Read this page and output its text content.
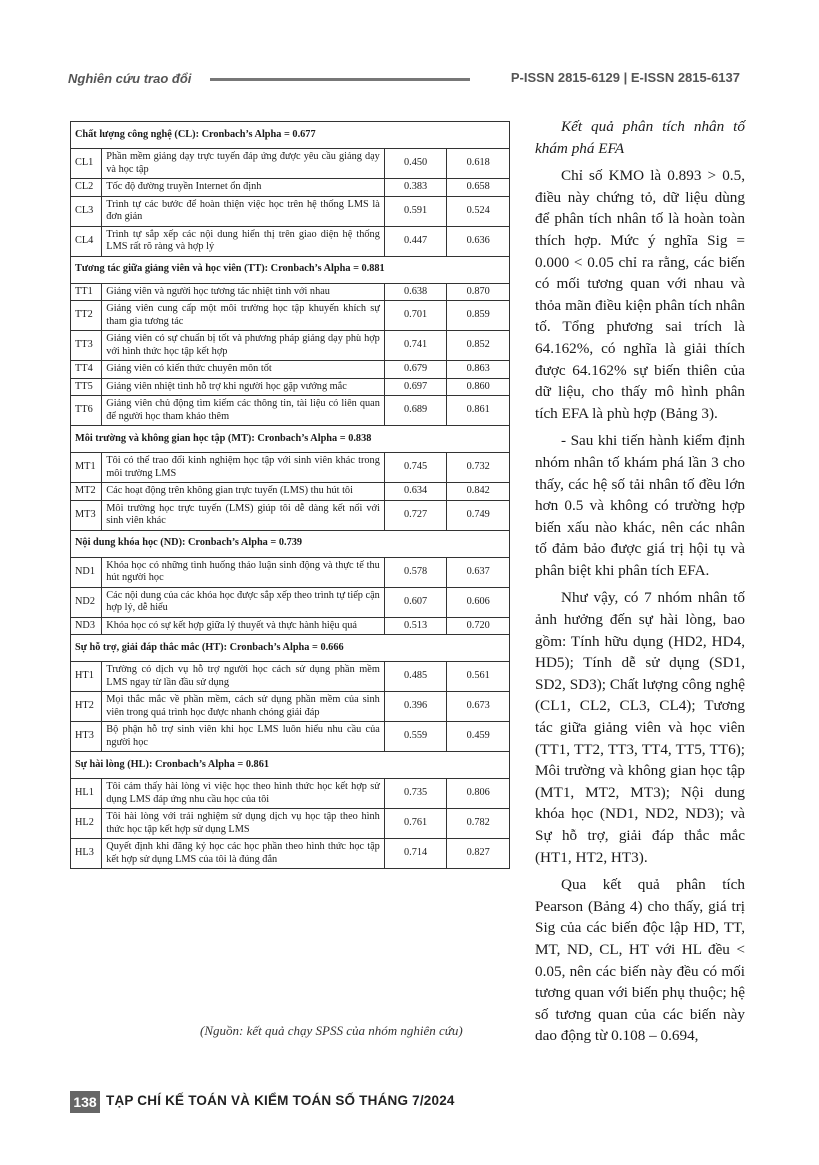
Nghiên cứu trao đổi	P-ISSN 2815-6129 | E-ISSN 2815-6137
Chất lượng công nghệ (CL): Cronbach’s Alpha = 0.677			
CL1	Phần mềm giảng dạy trực tuyến đáp ứng được yêu cầu giảng dạy và học tập	0.450	0.618
CL2	Tốc độ đường truyền Internet ổn định	0.383	0.658
CL3	Trình tự các bước để hoàn thiện việc học trên hệ thống LMS là đơn giản	0.591	0.524
CL4	Trình tự sắp xếp các nội dung hiển thị trên giao diện hệ thống LMS rất rõ ràng và hợp lý	0.447	0.636
Tương tác giữa giảng viên và học viên (TT): Cronbach’s Alpha = 0.881			
TT1	Giảng viên và người học tương tác nhiệt tình với nhau	0.638	0.870
TT2	Giảng viên cung cấp một môi trường học tập khuyến khích sự tham gia tương tác	0.701	0.859
TT3	Giảng viên có sự chuẩn bị tốt và phương pháp giảng dạy phù hợp với hình thức học tập kết hợp	0.741	0.852
TT4	Giảng viên có kiến thức chuyên môn tốt	0.679	0.863
TT5	Giảng viên nhiệt tình hỗ trợ khi người học gặp vướng mắc	0.697	0.860
TT6	Giảng viên chủ động tìm kiếm các thông tin, tài liệu có liên quan để người học tham khảo thêm	0.689	0.861
Môi trường và không gian học tập (MT): Cronbach’s Alpha = 0.838			
MT1	Tôi có thể trao đổi kinh nghiệm học tập với sinh viên khác trong môi trường LMS	0.745	0.732
MT2	Các hoạt động trên không gian trực tuyến (LMS) thu hút tôi	0.634	0.842
MT3	Môi trường học trực tuyến (LMS) giúp tôi dễ dàng kết nối với sinh viên khác	0.727	0.749
Nội dung khóa học (ND): Cronbach’s Alpha = 0.739			
ND1	Khóa học có những tình huống thảo luận sinh động và thực tế thu hút người học	0.578	0.637
ND2	Các nội dung của các khóa học được sắp xếp theo trình tự tiếp cận hợp lý, dễ hiểu	0.607	0.606
ND3	Khóa học có sự kết hợp giữa lý thuyết và thực hành hiệu quả	0.513	0.720
Sự hỗ trợ, giải đáp thắc mắc (HT): Cronbach’s Alpha = 0.666			
HT1	Trường có dịch vụ hỗ trợ người học cách sử dụng phần mềm LMS ngay từ lần đầu sử dụng	0.485	0.561
HT2	Mọi thắc mắc về phần mềm, cách sử dụng phần mềm của sinh viên trong quá trình học được nhanh chóng giải đáp	0.396	0.673
HT3	Bộ phận hỗ trợ sinh viên khi học LMS luôn hiểu nhu cầu của người học	0.559	0.459
Sự hài lòng (HL): Cronbach’s Alpha = 0.861			
HL1	Tôi cảm thấy hài lòng vì việc học theo hình thức học kết hợp sử dụng LMS đáp ứng nhu cầu học của tôi	0.735	0.806
HL2	Tôi hài lòng với trải nghiệm sử dụng dịch vụ học tập theo hình thức học tập kết hợp sử dụng LMS	0.761	0.782
HL3	Quyết định khi đăng ký học các học phần theo hình thức học tập kết hợp sử dụng LMS của tôi là đúng đắn	0.714	0.827
(Nguồn: kết quả chạy SPSS của nhóm nghiên cứu)

Kết quả phân tích nhân tố khám phá EFA

Chỉ số KMO là 0.893 > 0.5, điều này chứng tỏ, dữ liệu dùng để phân tích nhân tố là hoàn toàn thích hợp. Mức ý nghĩa Sig = 0.000 < 0.05 chỉ ra rằng, các biến có mối tương quan với nhau và thỏa mãn điều kiện phân tích nhân tố. Tổng phương sai trích là 64.162%, có nghĩa là giải thích được 64.162% sự biến thiên của dữ liệu, cho thấy mô hình phân tích EFA là phù hợp (Bảng 3).

- Sau khi tiến hành kiểm định nhóm nhân tố khám phá lần 3 cho thấy, các hệ số tải nhân tố đều lớn hơn 0.5 và không có trường hợp biến xấu nào khác, nên các nhân tố đảm bảo được giá trị hội tụ và phân biệt khi phân tích EFA.

Như vậy, có 7 nhóm nhân tố ảnh hưởng đến sự hài lòng, bao gồm: Tính hữu dụng (HD2, HD4, HD5); Tính dễ sử dụng (SD1, SD2, SD3); Chất lượng công nghệ (CL1, CL2, CL3, CL4); Tương tác giữa giảng viên và học viên (TT1, TT2, TT3, TT4, TT5, TT6); Môi trường và không gian học tập (MT1, MT2, MT3); Nội dung khóa học (ND1, ND2, ND3); và Sự hỗ trợ, giải đáp thắc mắc (HT1, HT2, HT3).

Qua kết quả phân tích Pearson (Bảng 4) cho thấy, giá trị Sig của các biến độc lập HD, TT, MT, ND, CL, HT với HL đều < 0.05, nên các biến này đều có mối tương quan với biến phụ thuộc; hệ số tương quan của các biến này dao động từ 0.108 – 0.694,

138 TẠP CHÍ KẾ TOÁN VÀ KIỂM TOÁN SỐ THÁNG 7/2024
